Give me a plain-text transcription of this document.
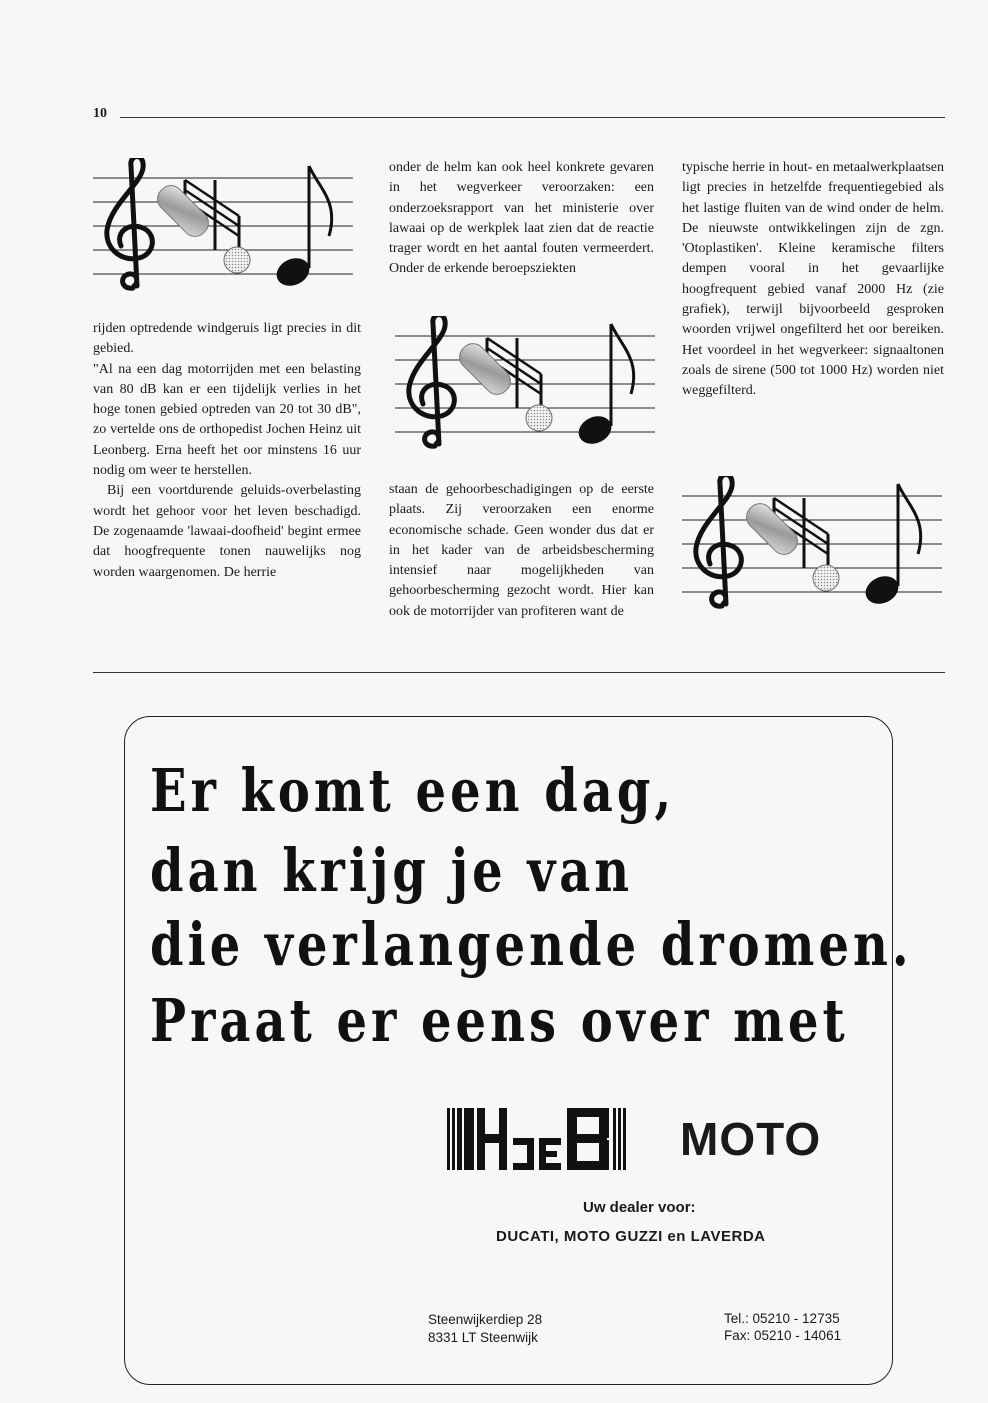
10

rijden optredende windgeruis ligt precies in dit gebied.

"Al na een dag motorrijden met een belasting van 80 dB kan er een tijdelijk verlies in het hoge tonen gebied optreden van 20 tot 30 dB", zo vertelde ons de orthopedist Jochen Heinz uit Leonberg. Erna heeft het oor minstens 16 uur nodig om weer te herstellen.

Bij een voortdurende geluids-overbelasting wordt het gehoor voor het leven beschadigd. De zogenaamde 'lawaai-doofheid' begint ermee dat hoogfrequente tonen nauwelijks nog worden waargenomen. De herrie

onder de helm kan ook heel konkrete gevaren in het wegverkeer veroorzaken: een onderzoeksrapport van het ministerie over lawaai op de werkplek laat zien dat de reactie trager wordt en het aantal fouten vermeerdert. Onder de erkende beroepsziekten

staan de gehoorbeschadigingen op de eerste plaats. Zij veroorzaken een enorme economische schade. Geen wonder dus dat er in het kader van de arbeidsbescherming intensief naar mogelijkheden van gehoorbescherming gezocht wordt. Hier kan ook de motorrijder van profiteren want de

typische herrie in hout- en metaalwerkplaatsen ligt precies in hetzelfde frequentiegebied als het lastige fluiten van de wind onder de helm. De nieuwste ontwikkelingen zijn de zgn. 'Otoplastiken'. Kleine keramische filters dempen vooral in het gevaarlijke hoogfrequent gebied vanaf 2000 Hz (zie grafiek), terwijl bijvoorbeeld gesproken woorden vrijwel ongefilterd het oor bereiken. Het voordeel in het wegverkeer: signaaltonen zoals de sirene (500 tot 1000 Hz) worden niet weggefilterd.

Er komt een dag,
dan krijg je van
die verlangende dromen.
Praat er eens over met
MOTO
Uw dealer voor:
DUCATI, MOTO GUZZI en LAVERDA
Steenwijkerdiep 28
8331 LT Steenwijk
Tel.: 05210 - 12735
Fax: 05210 - 14061
